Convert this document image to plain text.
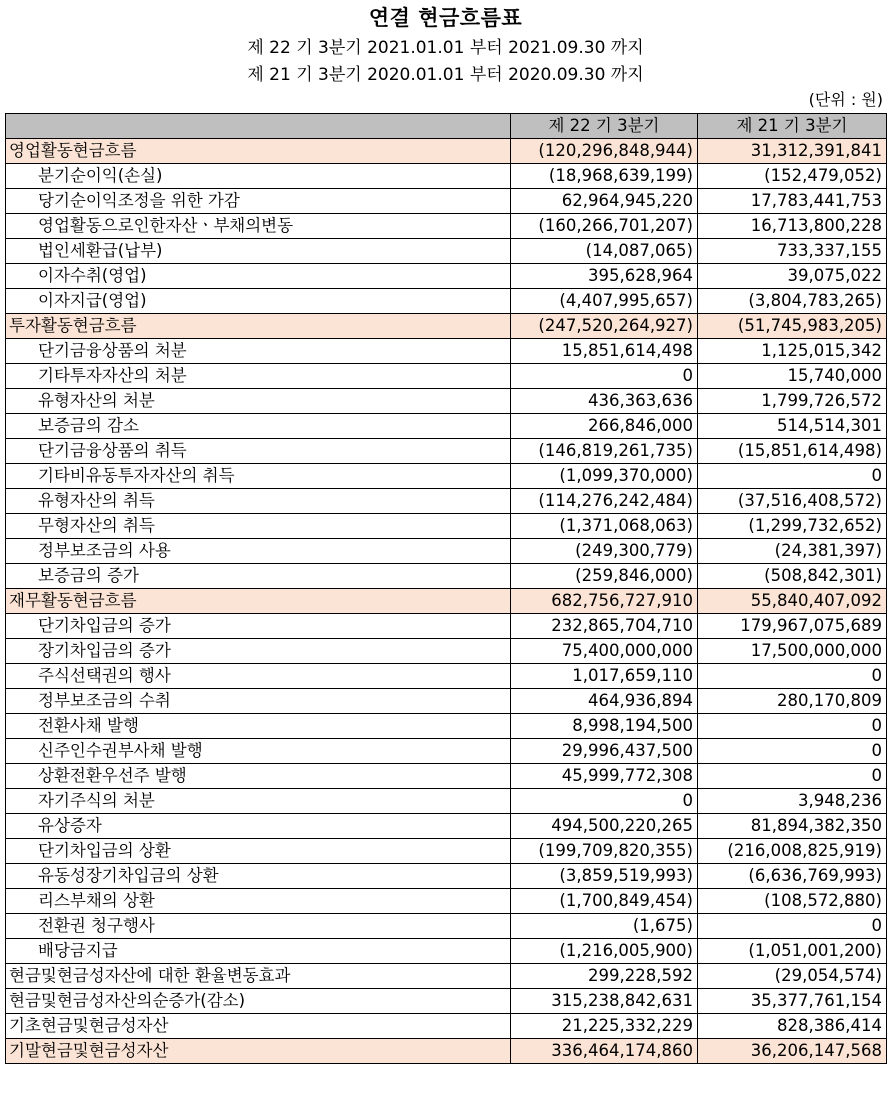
연결 현금흐름표
제 22 기 3분기 2021.01.01 부터 2021.09.30 까지
제 21 기 3분기 2020.01.01 부터 2020.09.30 까지
(단위 : 원)
	제 22 기 3분기	제 21 기 3분기
영업활동현금흐름	(120,296,848,944)	31,312,391,841
분기순이익(손실)	(18,968,639,199)	(152,479,052)
당기순이익조정을 위한 가감	62,964,945,220	17,783,441,753
영업활동으로인한자산ㆍ부채의변동	(160,266,701,207)	16,713,800,228
법인세환급(납부)	(14,087,065)	733,337,155
이자수취(영업)	395,628,964	39,075,022
이자지급(영업)	(4,407,995,657)	(3,804,783,265)
투자활동현금흐름	(247,520,264,927)	(51,745,983,205)
단기금융상품의 처분	15,851,614,498	1,125,015,342
기타투자자산의 처분	0	15,740,000
유형자산의 처분	436,363,636	1,799,726,572
보증금의 감소	266,846,000	514,514,301
단기금융상품의 취득	(146,819,261,735)	(15,851,614,498)
기타비유동투자자산의 취득	(1,099,370,000)	0
유형자산의 취득	(114,276,242,484)	(37,516,408,572)
무형자산의 취득	(1,371,068,063)	(1,299,732,652)
정부보조금의 사용	(249,300,779)	(24,381,397)
보증금의 증가	(259,846,000)	(508,842,301)
재무활동현금흐름	682,756,727,910	55,840,407,092
단기차입금의 증가	232,865,704,710	179,967,075,689
장기차입금의 증가	75,400,000,000	17,500,000,000
주식선택권의 행사	1,017,659,110	0
정부보조금의 수취	464,936,894	280,170,809
전환사채 발행	8,998,194,500	0
신주인수권부사채 발행	29,996,437,500	0
상환전환우선주 발행	45,999,772,308	0
자기주식의 처분	0	3,948,236
유상증자	494,500,220,265	81,894,382,350
단기차입금의 상환	(199,709,820,355)	(216,008,825,919)
유동성장기차입금의 상환	(3,859,519,993)	(6,636,769,993)
리스부채의 상환	(1,700,849,454)	(108,572,880)
전환권 청구행사	(1,675)	0
배당금지급	(1,216,005,900)	(1,051,001,200)
현금및현금성자산에 대한 환율변동효과	299,228,592	(29,054,574)
현금및현금성자산의순증가(감소)	315,238,842,631	35,377,761,154
기초현금및현금성자산	21,225,332,229	828,386,414
기말현금및현금성자산	336,464,174,860	36,206,147,568
